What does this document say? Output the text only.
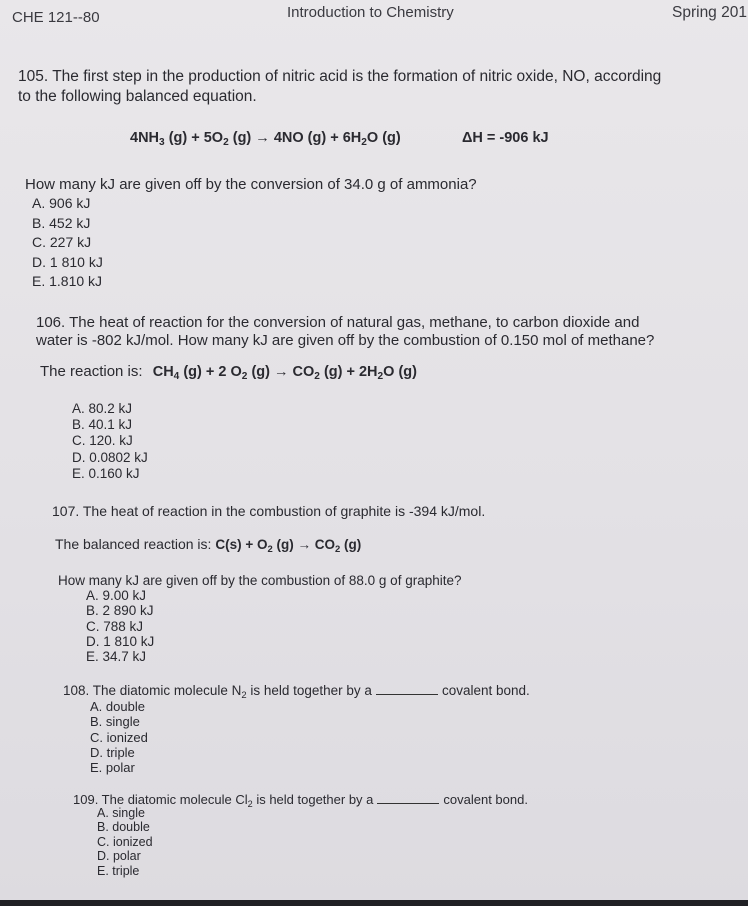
CHE 121--80	Introduction to Chemistry	Spring 201
105. The first step in the production of nitric acid is the formation of nitric oxide, NO, according
to the following balanced equation.
$4NH_3$ $(g) + 5O_2$ (g) → 4NO $(g) + 6H_2O$ (g)	ΔH = -906 kJ
How many kJ are given off by the conversion of 34.0 g of ammonia?
A. 906 kJ
B. 452 kJ
C. 227 kJ
D. 1 810 kJ
E. 1.810 kJ
106. The heat of reaction for the conversion of natural gas, methane, to carbon dioxide and
water is -802 kJ/mol. How many kJ are given off by the combustion of 0.150 mol of methane?
The reaction is: $CH_4$ (g) + 2 $O_2$ $(g) \to CO_2$ $(g) + 2H_2O$ (g)
A. 80.2 kJ
B. 40.1 kJ
C. 120. kJ
D. 0.0802 kJ
E. 0.160 kJ
107. The heat of reaction in the combustion of graphite is -394 kJ/mol.
The balanced reaction is: $C(s) + O_2$ $(g) \to CO_2$ (g)
How many kJ are given off by the combustion of 88.0 g of graphite?
A. 9.00 kJ
B. 2 890 kJ
C. 788 kJ
D. 1 810 kJ
E. 34.7 kJ
108. The diatomic molecule $N_2$ is held together by a	covalent bond.
A. double
B. single
C. ionized
D. triple
E. polar
109. The diatomic molecule $Cl_2$ is held together by a	covalent bond.
A. single
B. double
C. ionized
D. polar
E. triple
